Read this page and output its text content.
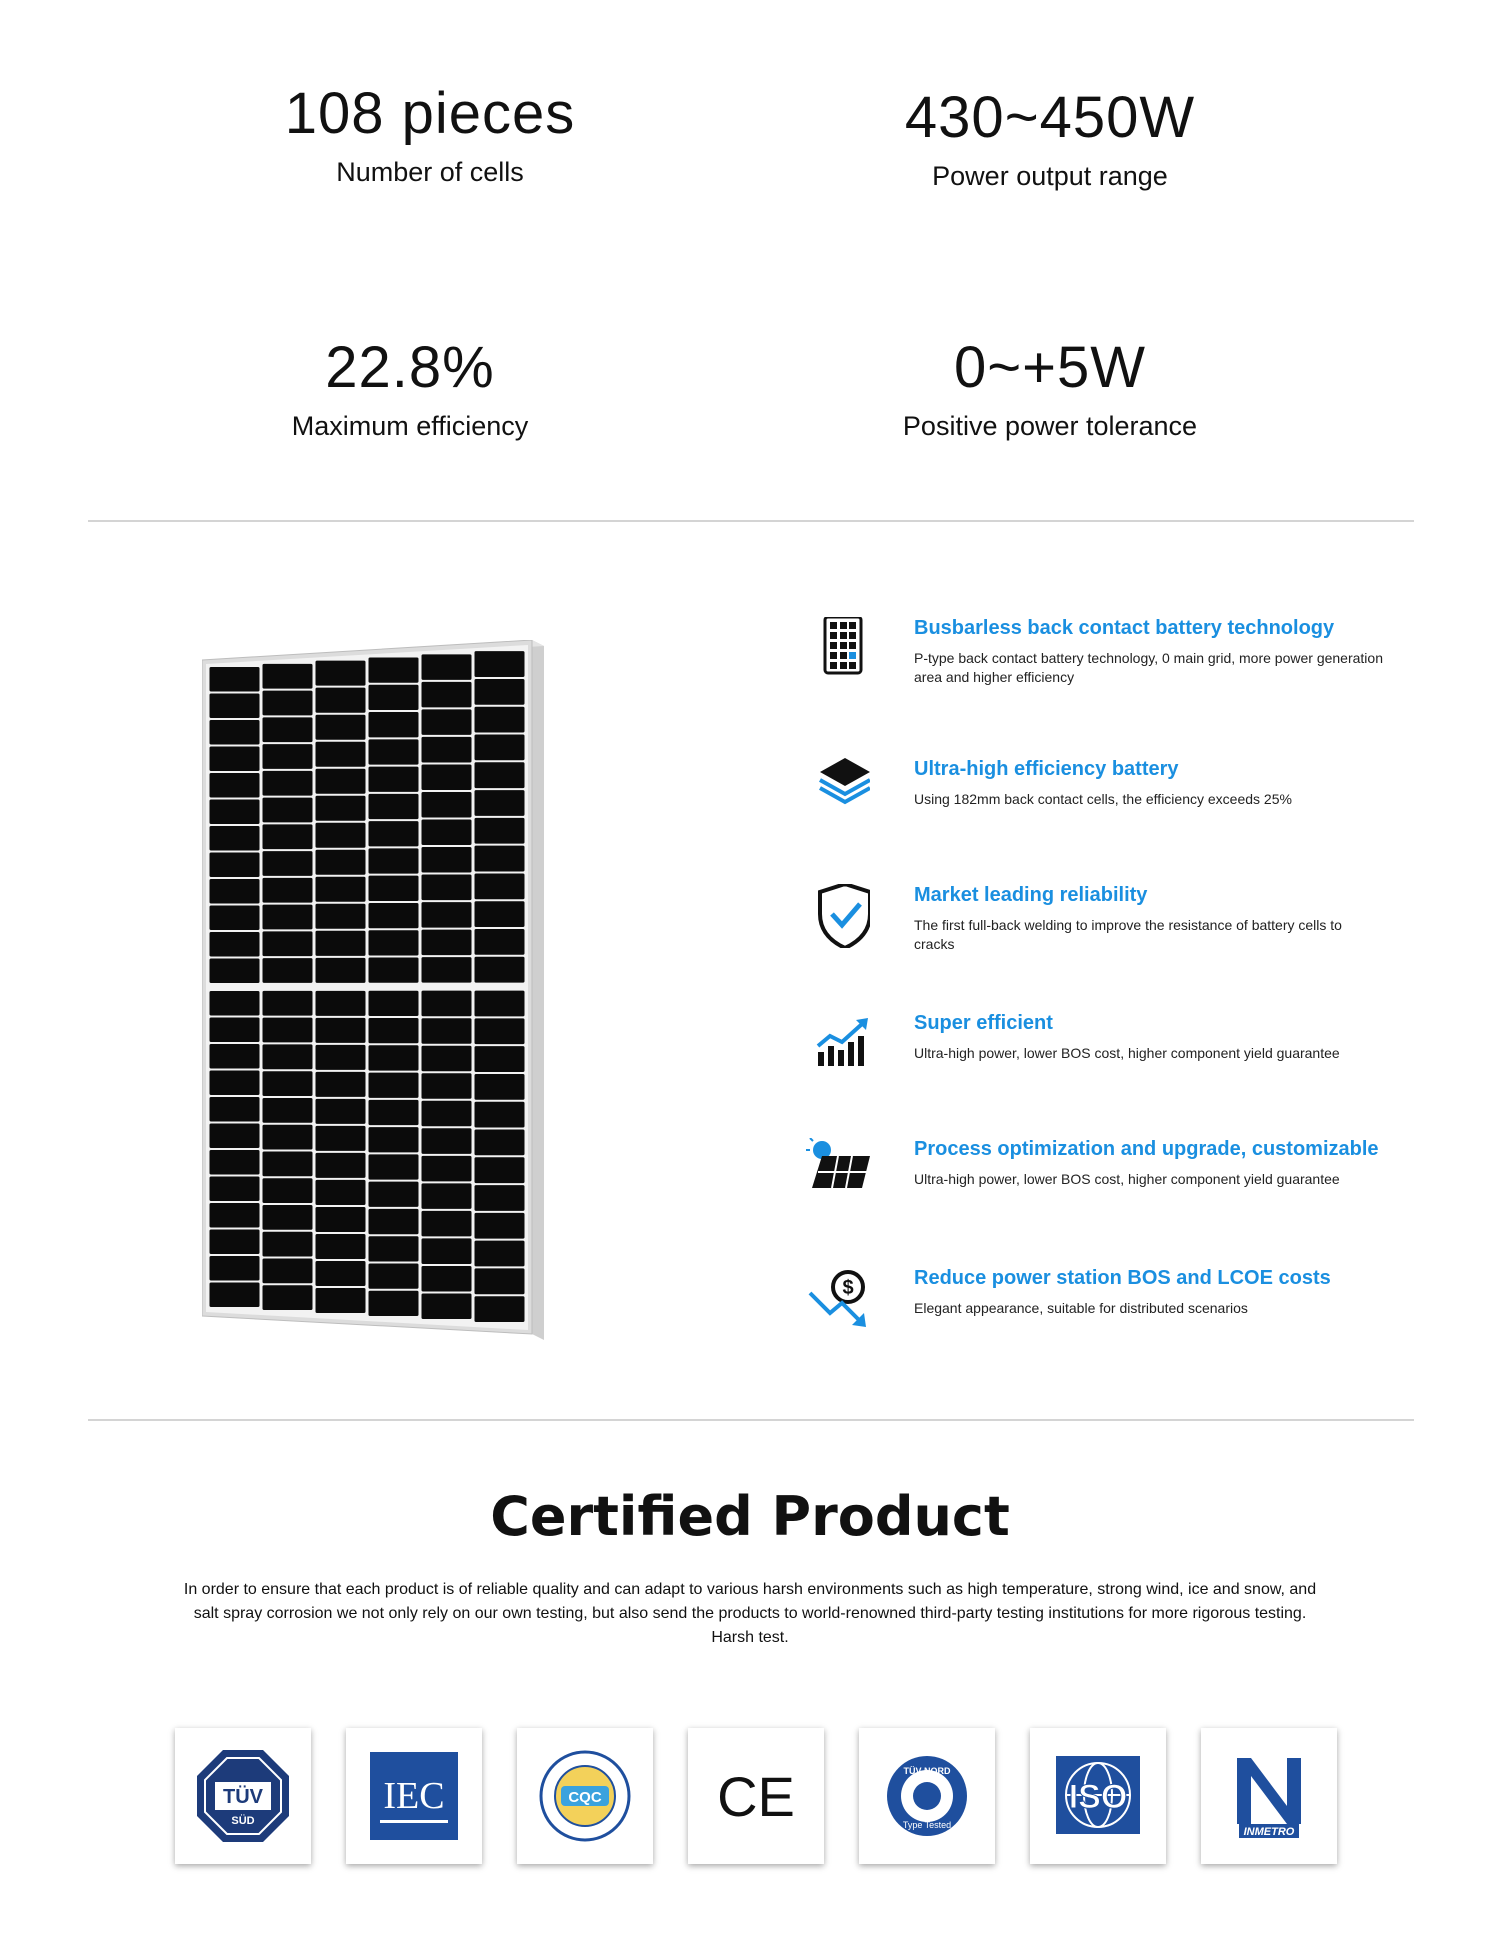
108 pieces
Number of cells
430~450W
Power output range
22.8%
Maximum efficiency
0~+5W
Positive power tolerance
Busbarless back contact battery technology
P-type back contact battery technology, 0 main grid, more power generation area and higher efficiency
Ultra-high efficiency battery
Using 182mm back contact cells, the efficiency exceeds 25%
Market leading reliability
The first full-back welding to improve the resistance of battery cells to cracks
Super efficient
Ultra-high power, lower BOS cost, higher component yield guarantee
Process optimization and upgrade, customizable
Ultra-high power, lower BOS cost, higher component yield guarantee
$	Reduce power station BOS and LCOE costs
Elegant appearance, suitable for distributed scenarios
Certified Product
In order to ensure that each product is of reliable quality and can adapt to various harsh environments such as high temperature, strong wind, ice and snow, and salt spray corrosion we not only rely on our own testing, but also send the products to world-renowned third-party testing institutions for more rigorous testing. Harsh test.
TÜV
SÜD
IEC	CQC CE	TÜV NORD
Type Tested
ISO
INMETRO
